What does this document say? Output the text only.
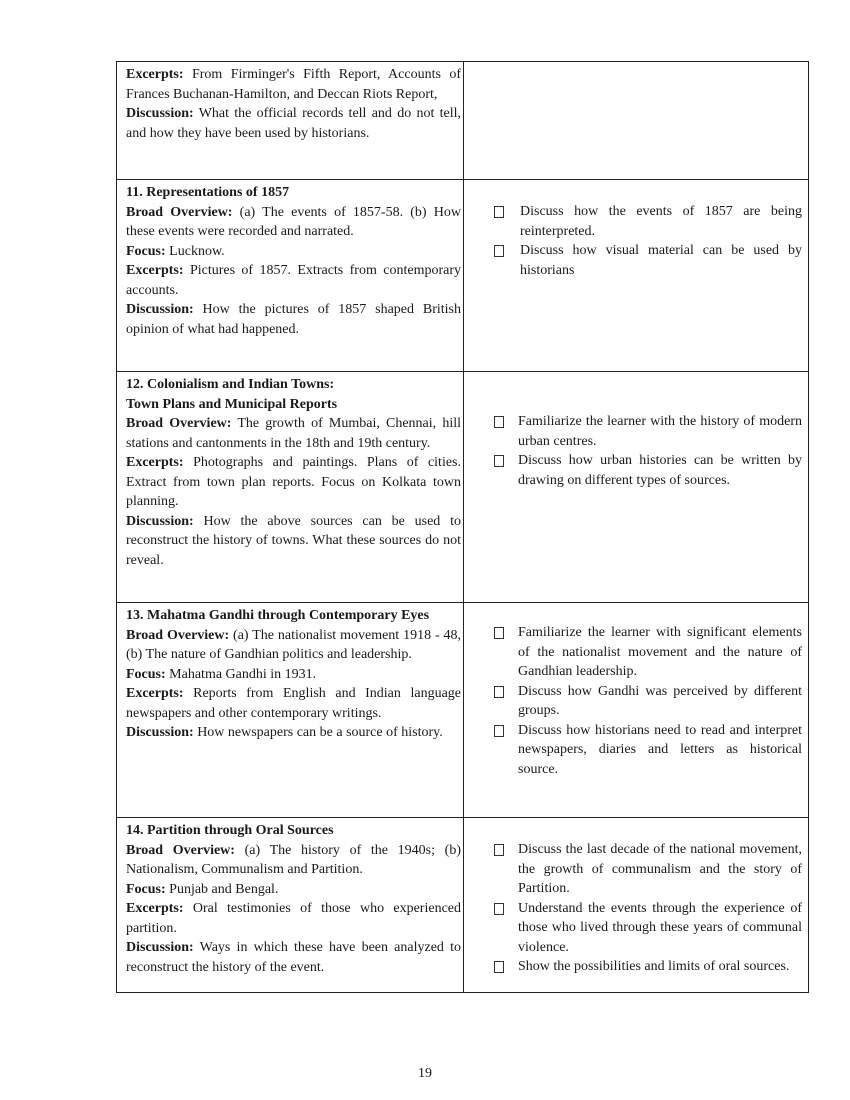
Excerpts: From Firminger's Fifth Report, Accounts of Frances Buchanan-Hamilton, and Deccan Riots Report,
Discussion: What the official records tell and do not tell, and how they have been used by historians.
11. Representations of 1857
Broad Overview: (a) The events of 1857-58. (b) How these events were recorded and narrated.
Focus: Lucknow.
Excerpts: Pictures of 1857. Extracts from contemporary accounts.
Discussion: How the pictures of 1857 shaped British opinion of what had happened.
Discuss how the events of 1857 are being reinterpreted.
Discuss how visual material can be used by historians
12. Colonialism and Indian Towns:
Town Plans and Municipal Reports
Broad Overview: The growth of Mumbai, Chennai, hill stations and cantonments in the 18th and 19th century.
Excerpts: Photographs and paintings. Plans of cities. Extract from town plan reports. Focus on Kolkata town planning.
Discussion: How the above sources can be used to reconstruct the history of towns. What these sources do not reveal.
Familiarize the learner with the history of modern urban centres.
Discuss how urban histories can be written by drawing on different types of sources.
13. Mahatma Gandhi through Contemporary Eyes
Broad Overview: (a) The nationalist movement 1918 - 48, (b) The nature of Gandhian politics and leadership.
Focus: Mahatma Gandhi in 1931.
Excerpts: Reports from English and Indian language newspapers and other contemporary writings.
Discussion: How newspapers can be a source of history.
Familiarize the learner with significant elements of the nationalist movement and the nature of Gandhian leadership.
Discuss how Gandhi was perceived by different groups.
Discuss how historians need to read and interpret newspapers, diaries and letters as historical source.
14. Partition through Oral Sources
Broad Overview: (a) The history of the 1940s; (b) Nationalism, Communalism and Partition.
Focus: Punjab and Bengal.
Excerpts: Oral testimonies of those who experienced partition.
Discussion: Ways in which these have been analyzed to reconstruct the history of the event.
Discuss the last decade of the national movement, the growth of communalism and the story of Partition.
Understand the events through the experience of those who lived through these years of communal violence.
Show the possibilities and limits of oral sources.
19
